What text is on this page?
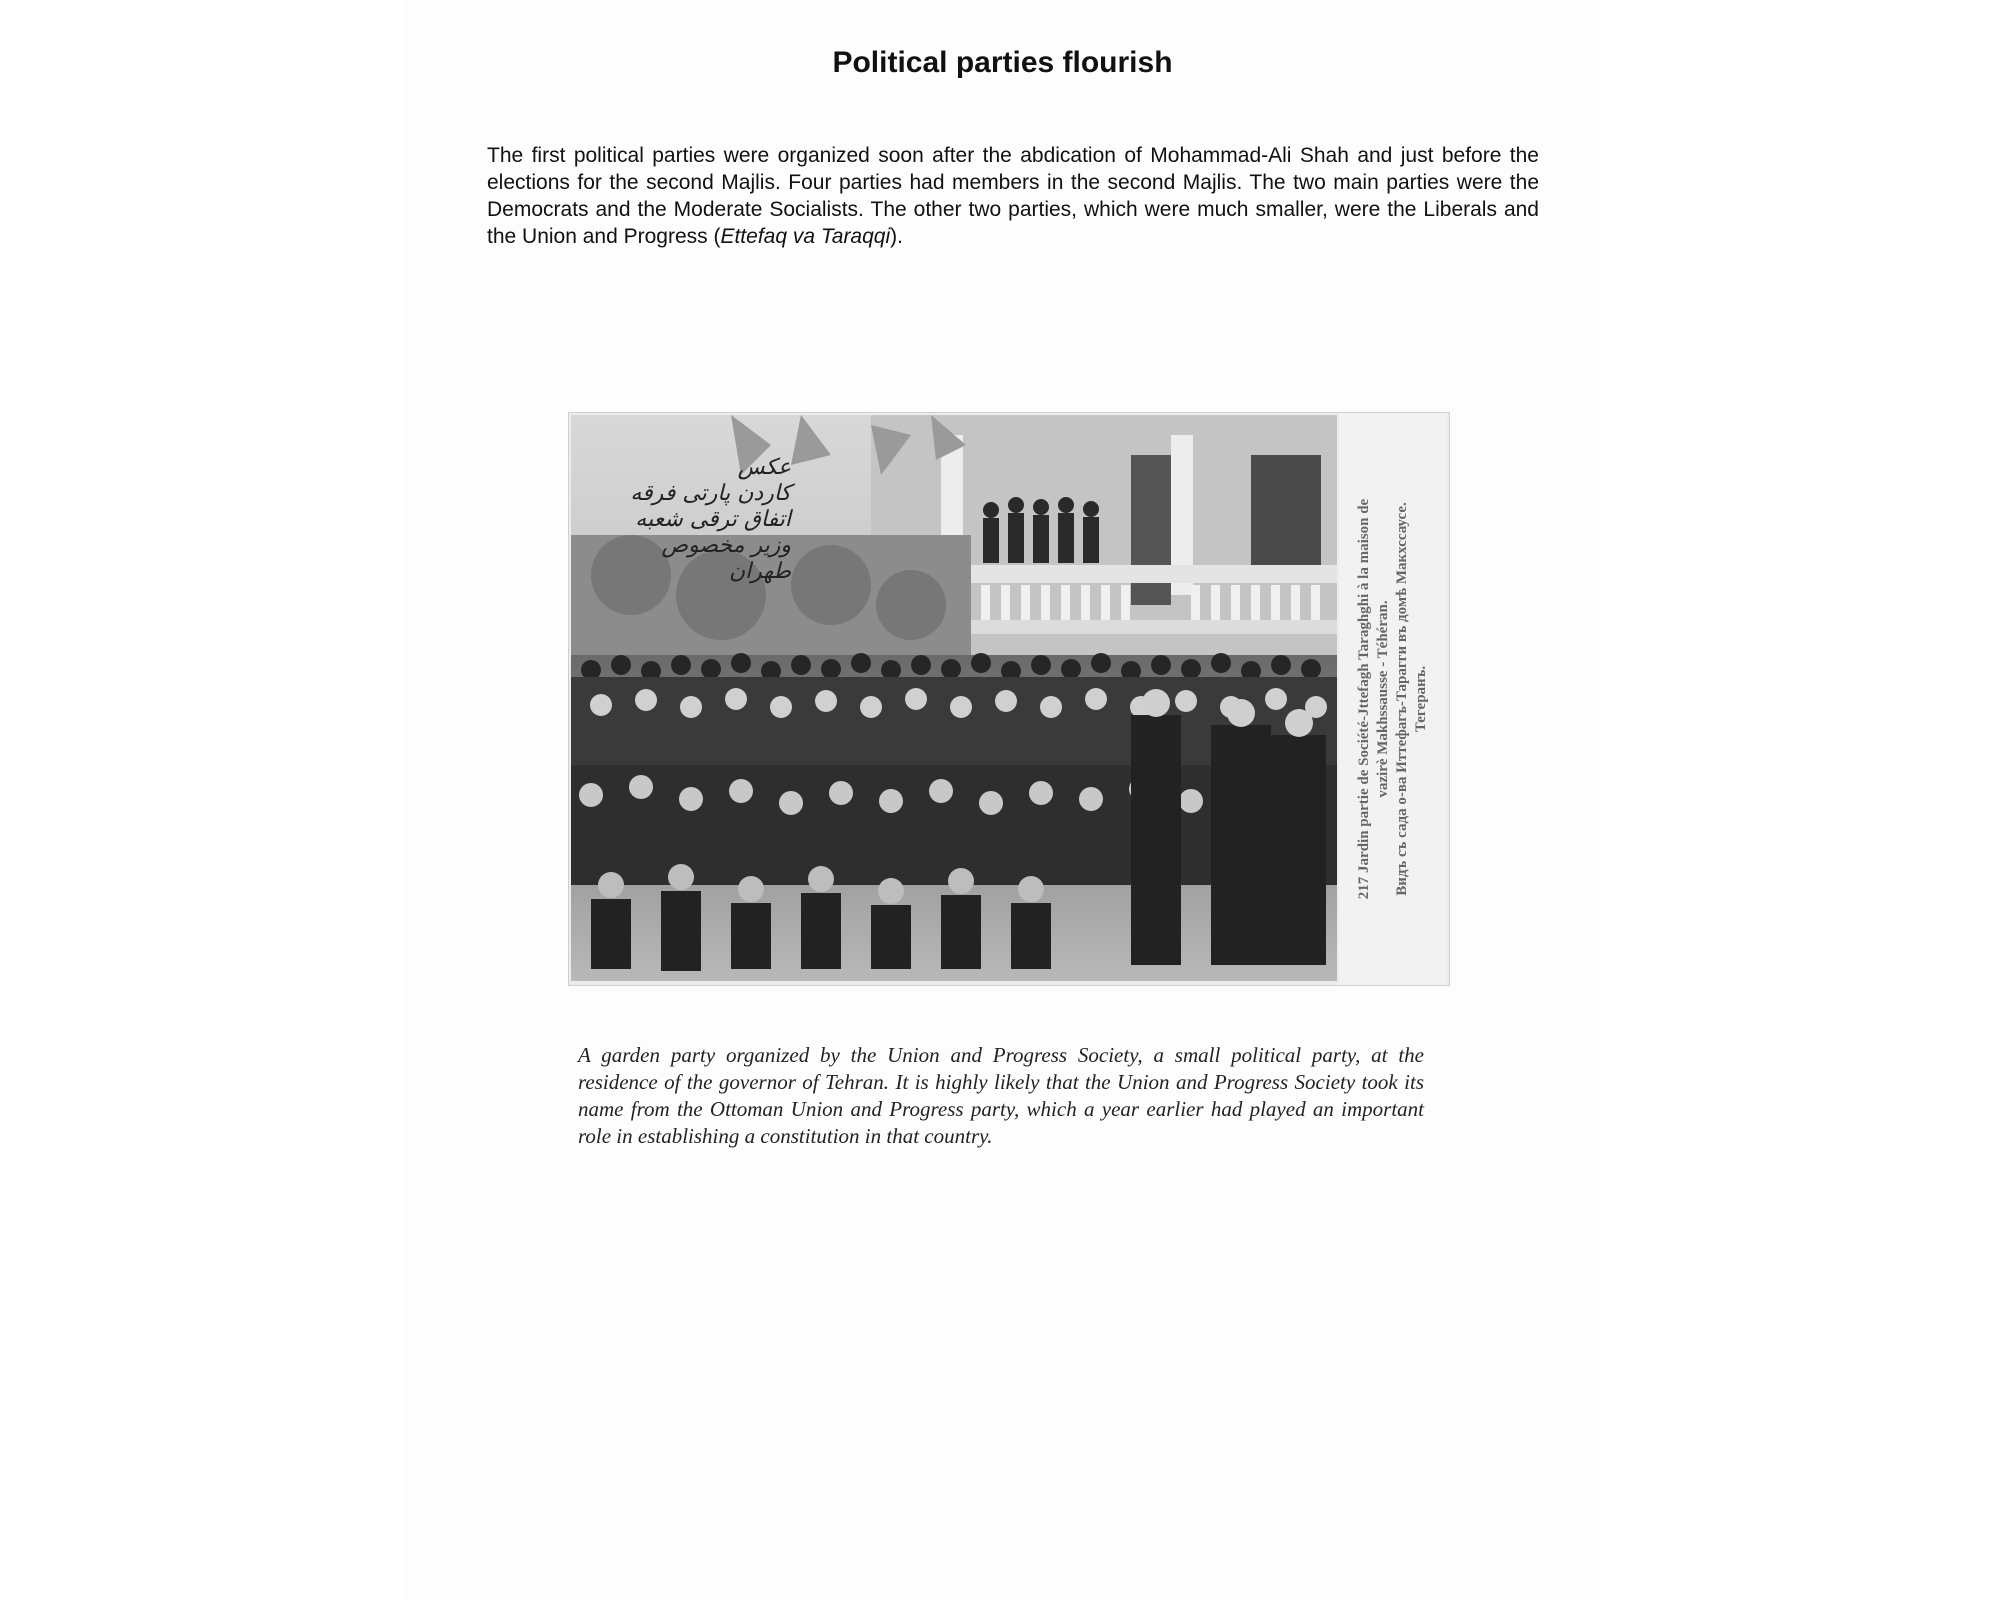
Political parties flourish

The first political parties were organized soon after the abdication of Mohammad-Ali Shah and just before the elections for the second Majlis. Four parties had members in the second Majlis. The two main parties were the Democrats and the Moderate Socialists. The other two parties, which were much smaller, were the Liberals and the Union and Progress (Ettefaq va Taraqqi).

عکس
کاردن پارتی فرقه
اتفاق ترقی شعبه
وزیر مخصوص
طهران	217 Jardin partie de Société-Jttefagh Taraghghi à la maison de vazirè Makhssausse - Téhéran. Видъ съ сада о-ва Иттефагъ-Тарагги въ домѣ Макхссаусе. Тегеранъ.

A garden party organized by the Union and Progress Society, a small political party, at the residence of the governor of Tehran. It is highly likely that the Union and Progress Society took its name from the Ottoman Union and Progress party, which a year earlier had played an important role in establishing a constitution in that country.
